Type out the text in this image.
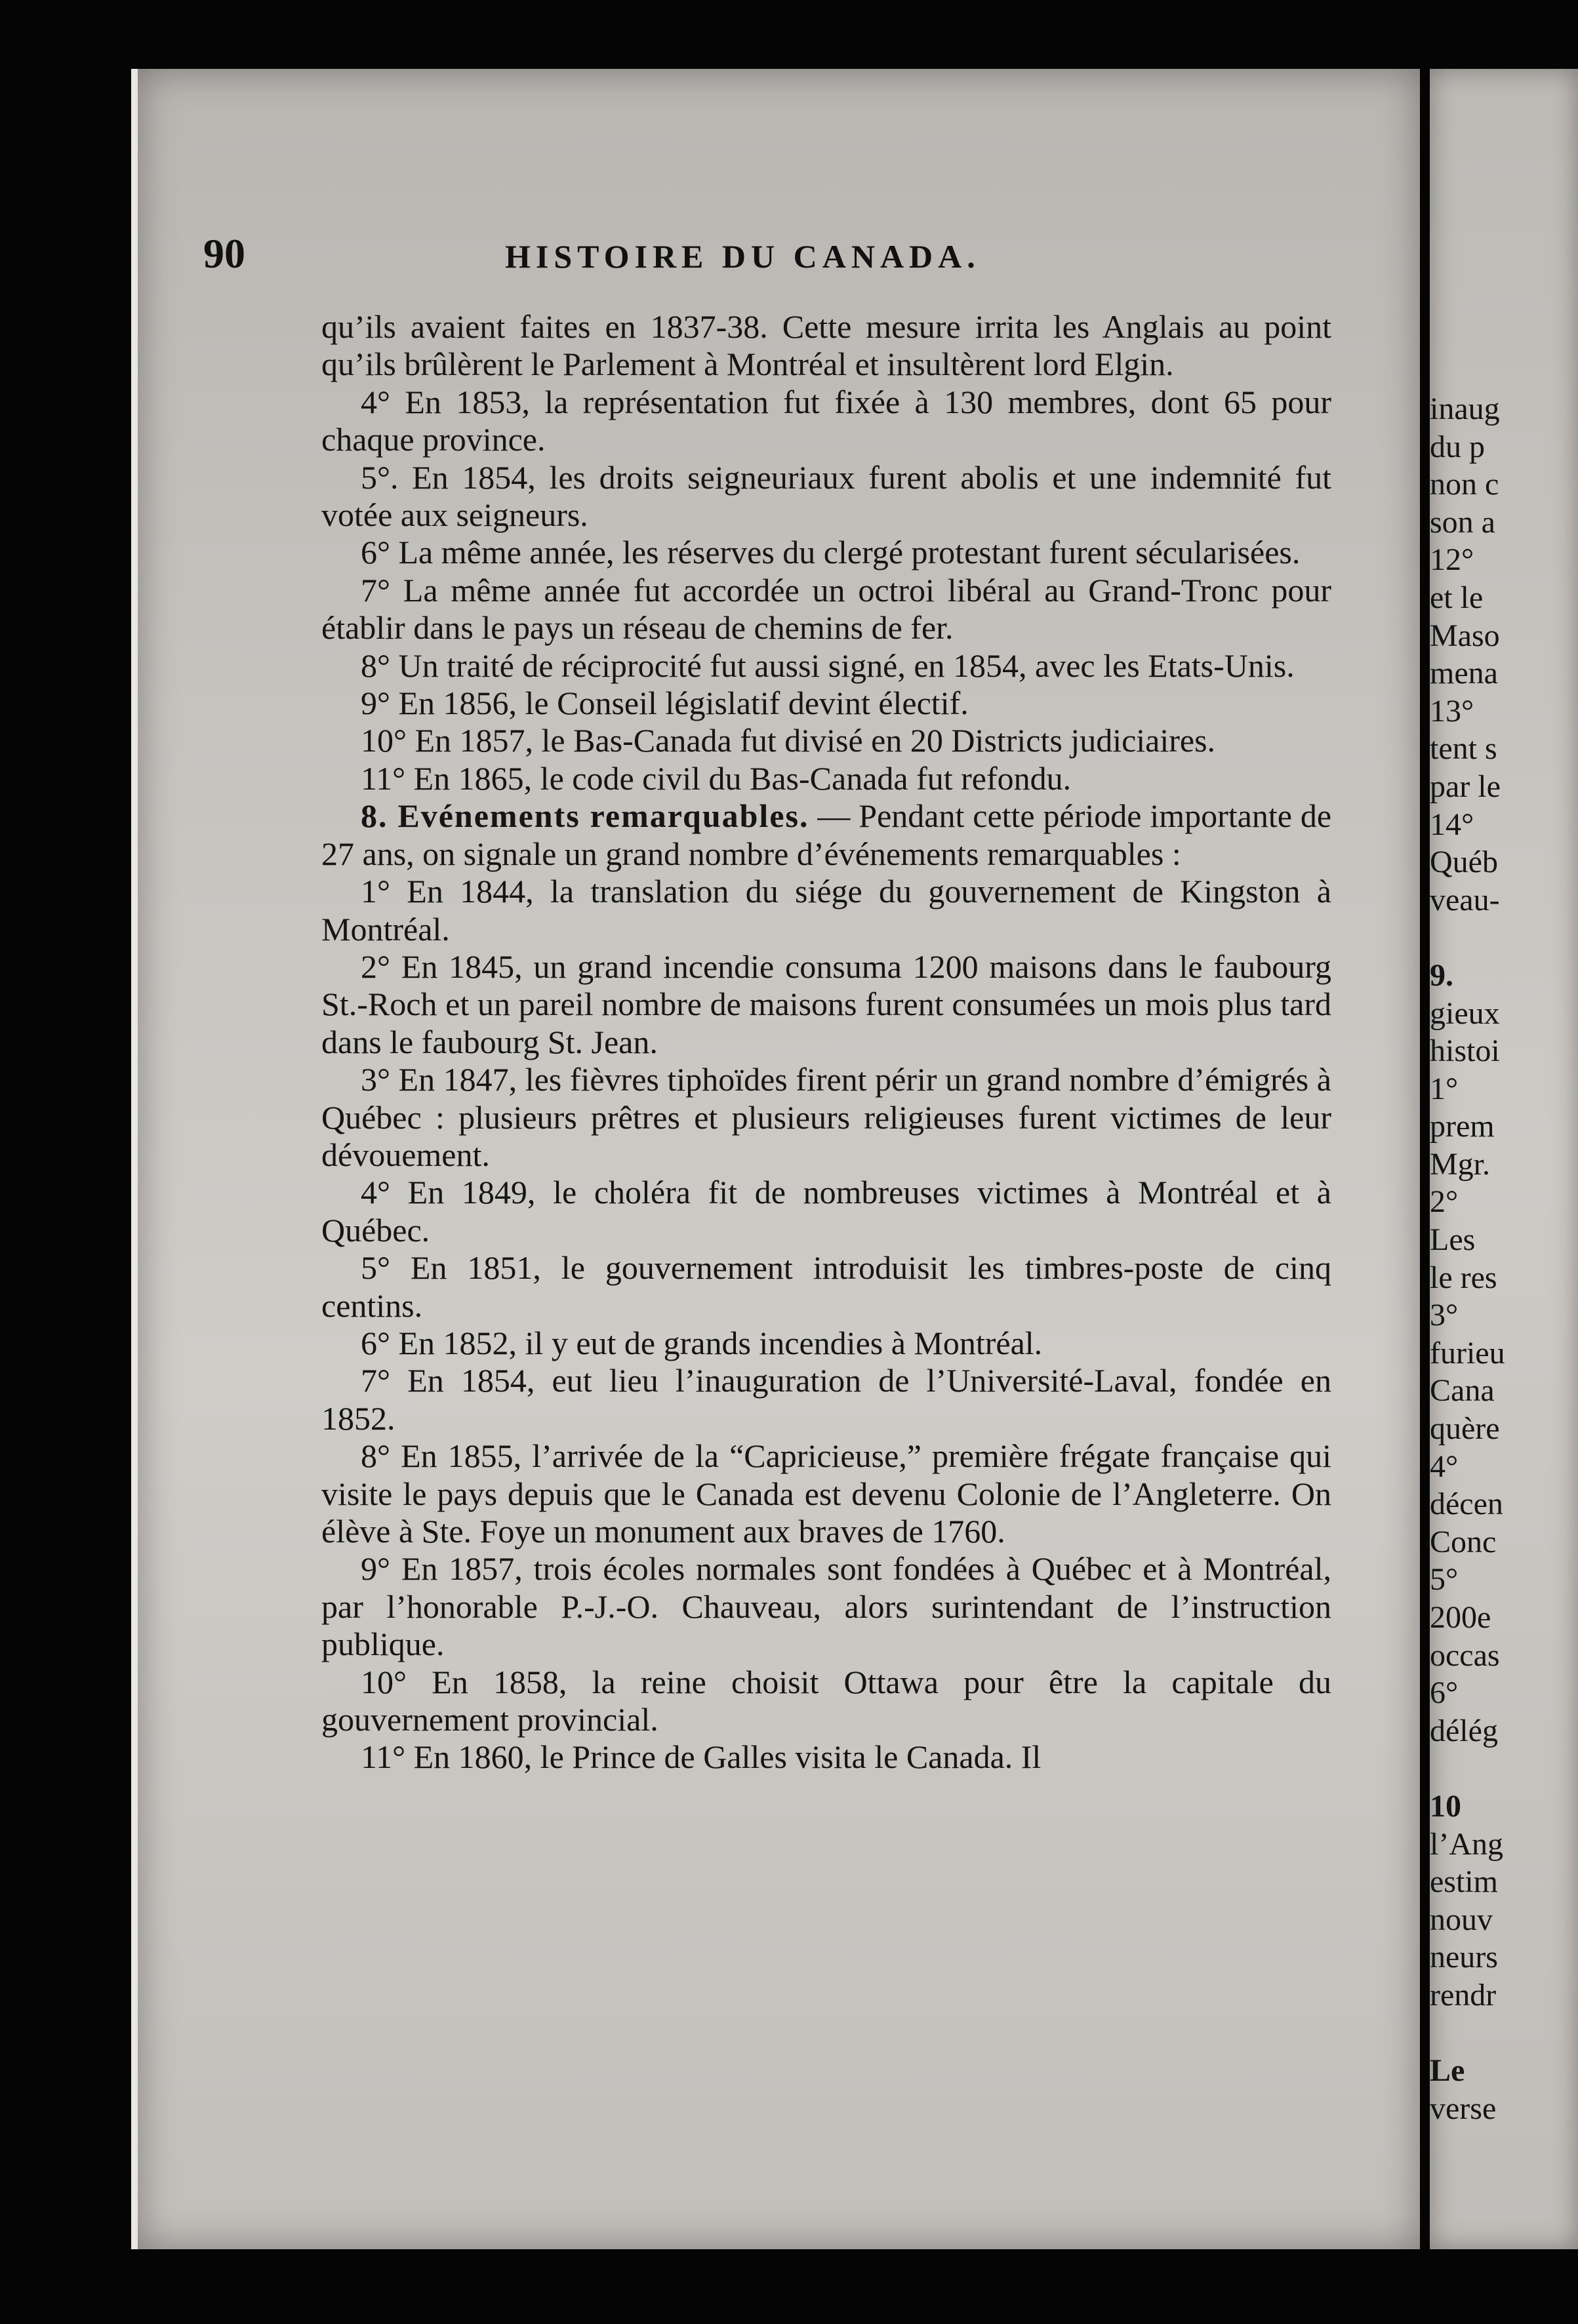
90	HISTOIRE DU CANADA.

qu’ils avaient faites en 1837-38. Cette mesure irrita les Anglais au point qu’ils brûlèrent le Parlement à Montréal et insultèrent lord Elgin.

4° En 1853, la représentation fut fixée à 130 membres, dont 65 pour chaque province.

5°. En 1854, les droits seigneuriaux furent abolis et une indemnité fut votée aux seigneurs.

6° La même année, les réserves du clergé protestant furent sécularisées.

7° La même année fut accordée un octroi libéral au Grand-Tronc pour établir dans le pays un réseau de chemins de fer.

8° Un traité de réciprocité fut aussi signé, en 1854, avec les Etats-Unis.

9° En 1856, le Conseil législatif devint électif.

10° En 1857, le Bas-Canada fut divisé en 20 Districts judiciaires.

11° En 1865, le code civil du Bas-Canada fut refondu.

8. Evénements remarquables. — Pendant cette période importante de 27 ans, on signale un grand nombre d’événements remarquables :

1° En 1844, la translation du siége du gouvernement de Kingston à Montréal.

2° En 1845, un grand incendie consuma 1200 maisons dans le faubourg St.-Roch et un pareil nombre de maisons furent consumées un mois plus tard dans le faubourg St. Jean.

3° En 1847, les fièvres tiphoïdes firent périr un grand nombre d’émigrés à Québec : plusieurs prêtres et plusieurs religieuses furent victimes de leur dévouement.

4° En 1849, le choléra fit de nombreuses victimes à Montréal et à Québec.

5° En 1851, le gouvernement introduisit les timbres-poste de cinq centins.

6° En 1852, il y eut de grands incendies à Montréal.

7° En 1854, eut lieu l’inauguration de l’Université-Laval, fondée en 1852.

8° En 1855, l’arrivée de la “Capricieuse,” première frégate française qui visite le pays depuis que le Canada est devenu Colonie de l’Angleterre. On élève à Ste. Foye un monument aux braves de 1760.

9° En 1857, trois écoles normales sont fondées à Québec et à Montréal, par l’honorable P.-J.-O. Chauveau, alors surintendant de l’instruction publique.

10° En 1858, la reine choisit Ottawa pour être la capitale du gouvernement provincial.

11° En 1860, le Prince de Galles visita le Canada. Il

inaug
du p
non c
son a
12°
et le
Maso
mena
13°
tent s
par le
14°
Québ
veau-
9.
gieux
histoi
1°
prem
Mgr.
2°
Les
le res
3°
furieu
Cana
quère
4°
décen
Conc
5°
200e
occas
6°
délég
10
l’Ang
estim
nouv
neurs
rendr
Le
verse
